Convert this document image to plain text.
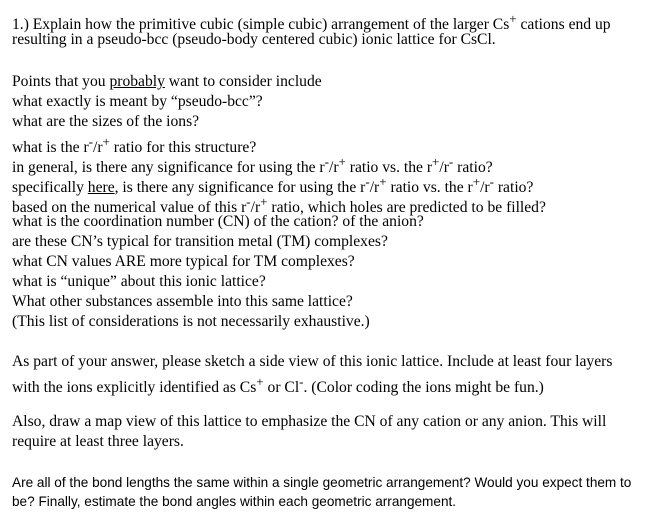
1.) Explain how the primitive cubic (simple cubic) arrangement of the larger Cs+ cations end up
resulting in a pseudo-bcc (pseudo-body centered cubic) ionic lattice for CsCl.
Points that you probably want to consider include
what exactly is meant by “pseudo-bcc”?
what are the sizes of the ions?
what is the r-/r+ ratio for this structure?
in general, is there any significance for using the r-/r+ ratio vs. the r+/r- ratio?
specifically here, is there any significance for using the r-/r+ ratio vs. the r+/r- ratio?
based on the numerical value of this r-/r+ ratio, which holes are predicted to be filled?
what is the coordination number (CN) of the cation? of the anion?
are these CN’s typical for transition metal (TM) complexes?
what CN values ARE more typical for TM complexes?
what is “unique” about this ionic lattice?
What other substances assemble into this same lattice?
(This list of considerations is not necessarily exhaustive.)
As part of your answer, please sketch a side view of this ionic lattice. Include at least four layers
with the ions explicitly identified as Cs+ or Cl-. (Color coding the ions might be fun.)
Also, draw a map view of this lattice to emphasize the CN of any cation or any anion. This will
require at least three layers.
Are all of the bond lengths the same within a single geometric arrangement? Would you expect them to
be? Finally, estimate the bond angles within each geometric arrangement.
